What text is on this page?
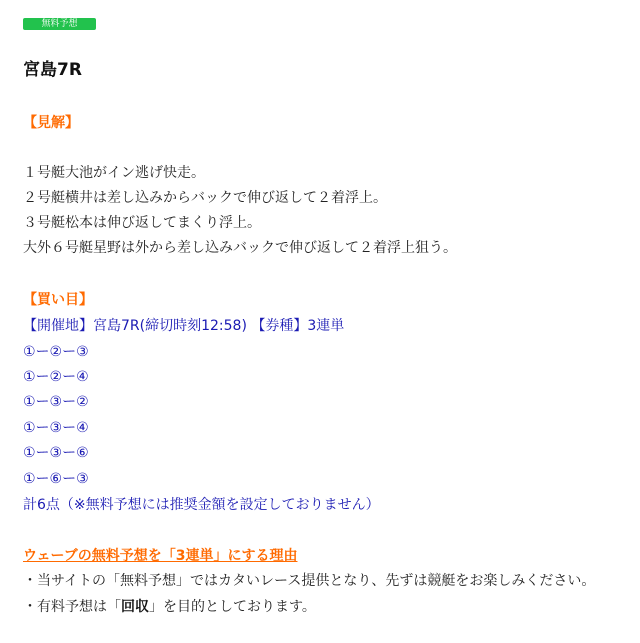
無料予想
宮島7R
【見解】
１号艇大池がイン逃げ快走。
２号艇横井は差し込みからバックで伸び返して２着浮上。
３号艇松本は伸び返してまくり浮上。
大外６号艇星野は外から差し込みバックで伸び返して２着浮上狙う。
【買い目】
【開催地】宮島7R(締切時刻12:58) 【券種】3連単
①ー②ー③
①ー②ー④
①ー③ー②
①ー③ー④
①ー③ー⑥
①ー⑥ー③
計6点（※無料予想には推奨金額を設定しておりません）
ウェーブの無料予想を「3連単」にする理由
・当サイトの「無料予想」ではカタいレース提供となり、先ずは競艇をお楽しみください。
・有料予想は「回収」を目的としております。
